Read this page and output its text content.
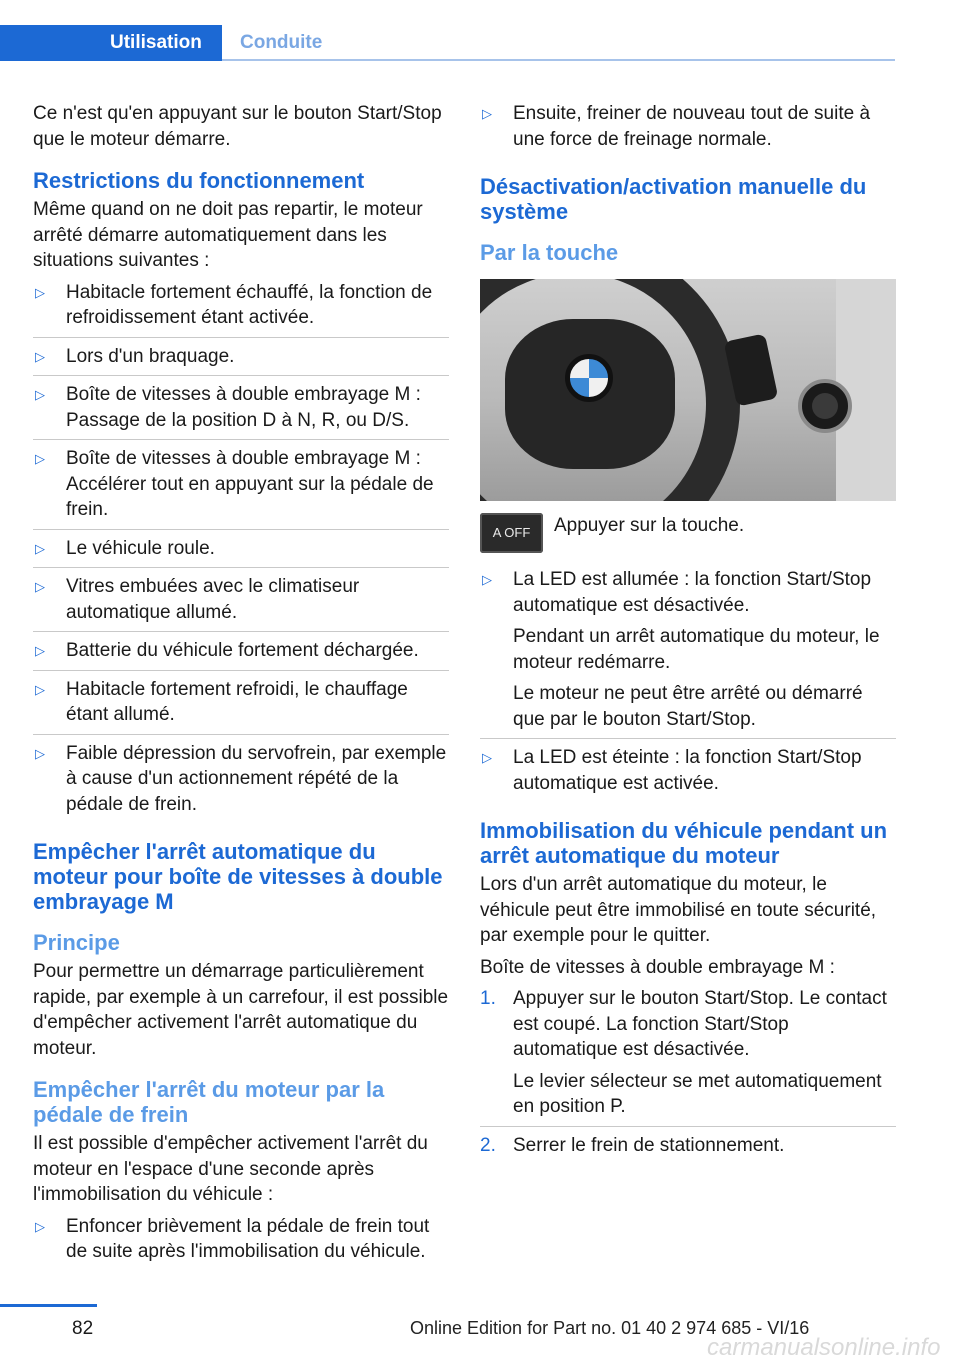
Utilisation Conduite

Ce n'est qu'en appuyant sur le bouton Start/Stop que le moteur démarre.

Restrictions du fonctionnement

Même quand on ne doit pas repartir, le moteur arrêté démarre automatiquement dans les situations suivantes :

▷ Habitacle fortement échauffé, la fonction de refroidissement étant activée.
▷ Lors d'un braquage.
▷ Boîte de vitesses à double embrayage M : Passage de la position D à N, R, ou D/S.
▷ Boîte de vitesses à double embrayage M : Accélérer tout en appuyant sur la pédale de frein.
▷ Le véhicule roule.
▷ Vitres embuées avec le climatiseur automatique allumé.
▷ Batterie du véhicule fortement déchargée.
▷ Habitacle fortement refroidi, le chauffage étant allumé.
▷ Faible dépression du servofrein, par exemple à cause d'un actionnement répété de la pédale de frein.
Empêcher l'arrêt automatique du moteur pour boîte de vitesses à double embrayage M
Principe

Pour permettre un démarrage particulièrement rapide, par exemple à un carrefour, il est possible d'empêcher activement l'arrêt automatique du moteur.

Empêcher l'arrêt du moteur par la pédale de frein

Il est possible d'empêcher activement l'arrêt du moteur en l'espace d'une seconde après l'immobilisation du véhicule :

▷ Enfoncer brièvement la pédale de frein tout de suite après l'immobilisation du véhicule.
▷ Ensuite, freiner de nouveau tout de suite à une force de freinage normale.
Désactivation/activation manuelle du système
Par la touche
A OFF	Appuyer sur la touche.
▷ La LED est allumée : la fonction Start/Stop automatique est désactivée.
Pendant un arrêt automatique du moteur, le moteur redémarre.
Le moteur ne peut être arrêté ou démarré que par le bouton Start/Stop.
▷ La LED est éteinte : la fonction Start/Stop automatique est activée.
Immobilisation du véhicule pendant un arrêt automatique du moteur

Lors d'un arrêt automatique du moteur, le véhicule peut être immobilisé en toute sécurité, par exemple pour le quitter.

Boîte de vitesses à double embrayage M :

1. Appuyer sur le bouton Start/Stop. Le contact est coupé. La fonction Start/Stop automatique est désactivée.
Le levier sélecteur se met automatiquement en position P.
2. Serrer le frein de stationnement.
82	Online Edition for Part no. 01 40 2 974 685 - VI/16
carmanualsonline.info
